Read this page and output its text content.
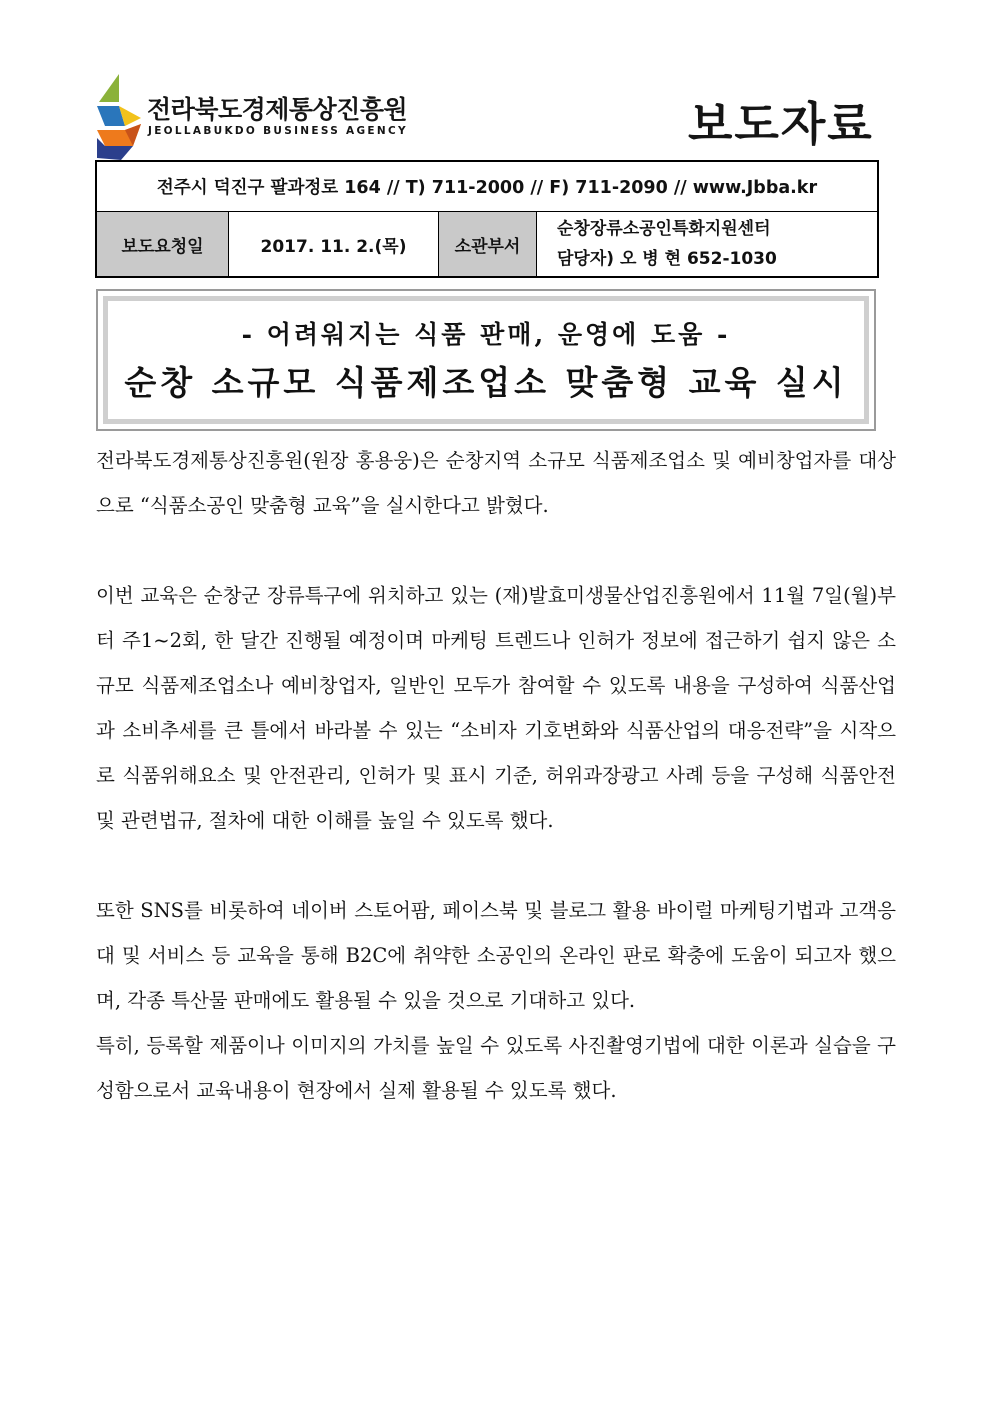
전라북도경제통상진흥원
JEOLLABUKDO BUSINESS AGENCY	보도자료
전주시 덕진구 팔과정로 164 // T) 711-2000 // F) 711-2090 // www.Jbba.kr
보도요청일	2017. 11. 2.(목)	소관부서
순창장류소공인특화지원센터
담당자) 오 병 현 652-1030
- 어려워지는 식품 판매, 운영에 도움 -
순창 소규모 식품제조업소 맞춤형 교육 실시

전라북도경제통상진흥원(원장 홍용웅)은 순창지역 소규모 식품제조업소 및 예비창업자를 대상으로 “식품소공인 맞춤형 교육”을 실시한다고 밝혔다.

이번 교육은 순창군 장류특구에 위치하고 있는 (재)발효미생물산업진흥원에서 11월 7일(월)부터 주1~2회, 한 달간 진행될 예정이며 마케팅 트렌드나 인허가 정보에 접근하기 쉽지 않은 소규모 식품제조업소나 예비창업자, 일반인 모두가 참여할 수 있도록 내용을 구성하여 식품산업과 소비추세를 큰 틀에서 바라볼 수 있는 “소비자 기호변화와 식품산업의 대응전략”을 시작으로 식품위해요소 및 안전관리, 인허가 및 표시 기준, 허위과장광고 사례 등을 구성해 식품안전 및 관련법규, 절차에 대한 이해를 높일 수 있도록 했다.

또한 SNS를 비롯하여 네이버 스토어팜, 페이스북 및 블로그 활용 바이럴 마케팅기법과 고객응대 및 서비스 등 교육을 통해 B2C에 취약한 소공인의 온라인 판로 확충에 도움이 되고자 했으며, 각종 특산물 판매에도 활용될 수 있을 것으로 기대하고 있다.

특히, 등록할 제품이나 이미지의 가치를 높일 수 있도록 사진촬영기법에 대한 이론과 실습을 구성함으로서 교육내용이 현장에서 실제 활용될 수 있도록 했다.
